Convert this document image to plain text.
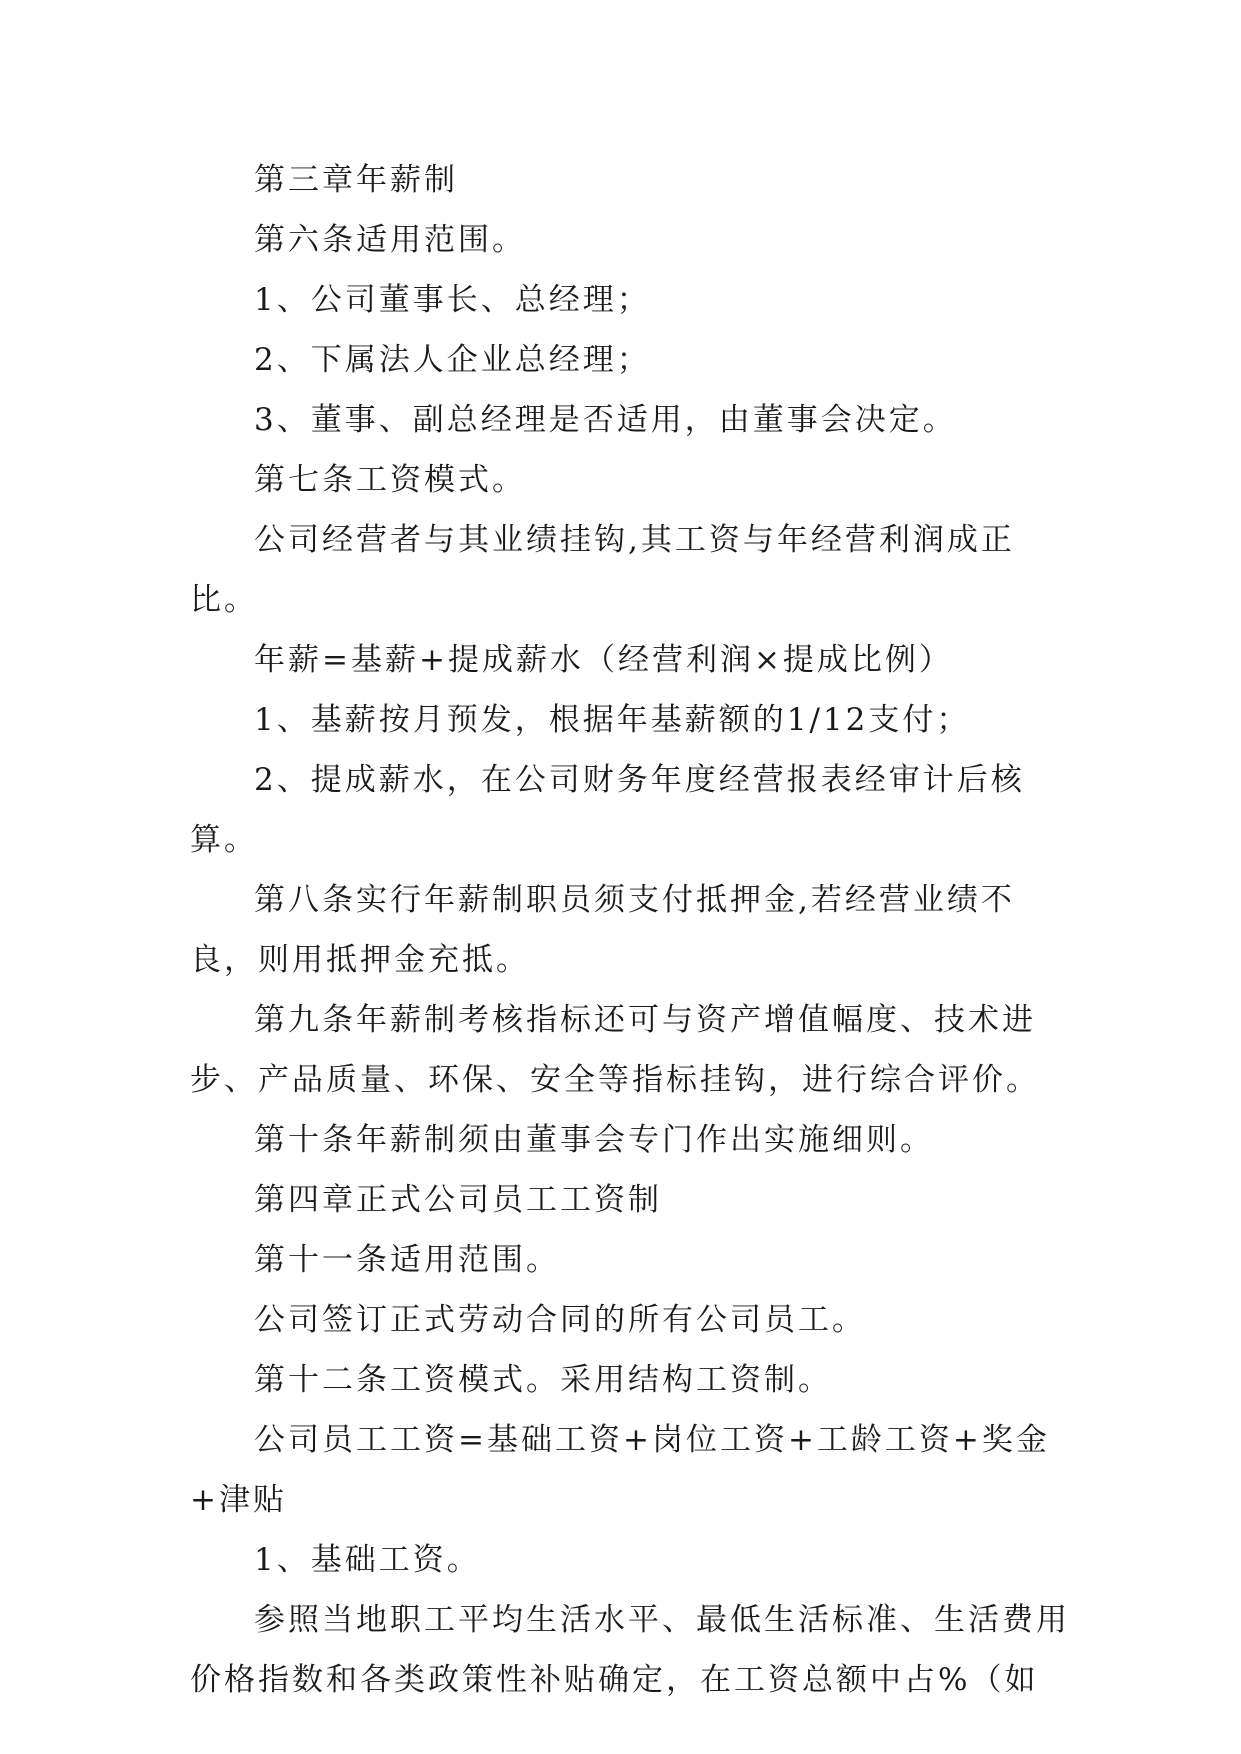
第三章年薪制

第六条适用范围。

1、公司董事长、总经理；

2、下属法人企业总经理；

3、董事、副总经理是否适用，由董事会决定。

第七条工资模式。

公司经营者与其业绩挂钩,其工资与年经营利润成正比。

年薪=基薪+提成薪水（经营利润×提成比例）

1、基薪按月预发，根据年基薪额的1/12支付；

2、提成薪水，在公司财务年度经营报表经审计后核算。

第八条实行年薪制职员须支付抵押金,若经营业绩不良，则用抵押金充抵。

第九条年薪制考核指标还可与资产增值幅度、技术进步、产品质量、环保、安全等指标挂钩，进行综合评价。

第十条年薪制须由董事会专门作出实施细则。

第四章正式公司员工工资制

第十一条适用范围。

公司签订正式劳动合同的所有公司员工。

第十二条工资模式。采用结构工资制。

公司员工工资=基础工资+岗位工资+工龄工资+奖金+津贴

1、基础工资。

参照当地职工平均生活水平、最低生活标准、生活费用价格指数和各类政策性补贴确定，在工资总额中占%（如
